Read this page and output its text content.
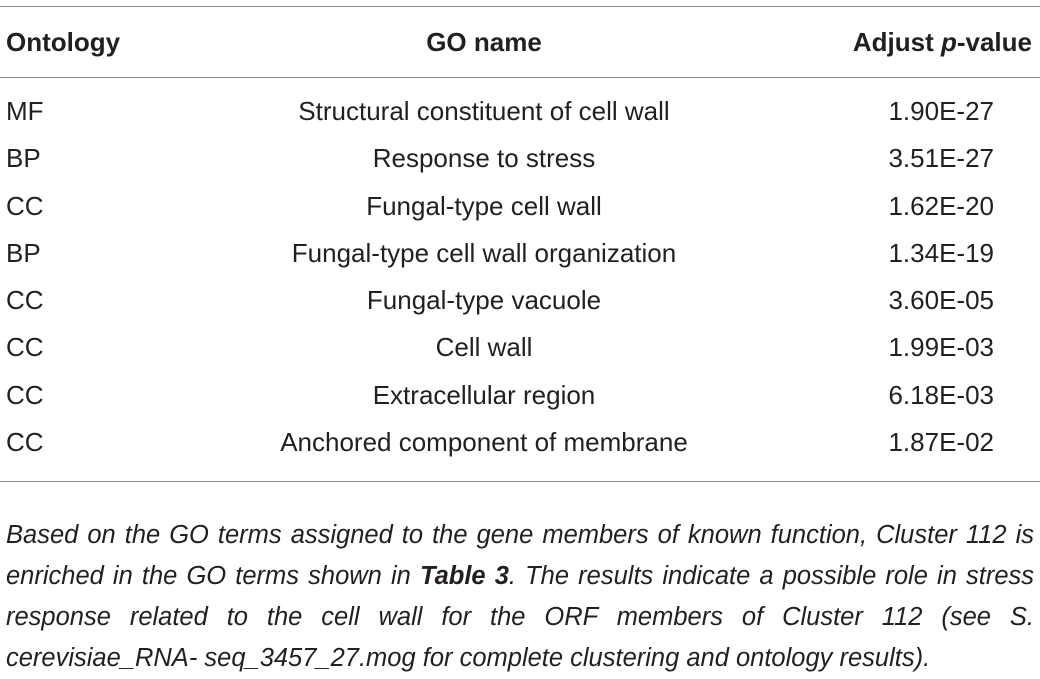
Ontology	GO name	Adjust p-value
MF	Structural constituent of cell wall	1.90E-27
BP	Response to stress	3.51E-27
CC	Fungal-type cell wall	1.62E-20
BP	Fungal-type cell wall organization	1.34E-19
CC	Fungal-type vacuole	3.60E-05
CC	Cell wall	1.99E-03
CC	Extracellular region	6.18E-03
CC	Anchored component of membrane	1.87E-02

Based on the GO terms assigned to the gene members of known function, Cluster 112 is enriched in the GO terms shown in Table 3. The results indicate a possible role in stress response related to the cell wall for the ORF members of Cluster 112 (see S. cerevisiae_RNA- seq_3457_27.mog for complete clustering and ontology results).
